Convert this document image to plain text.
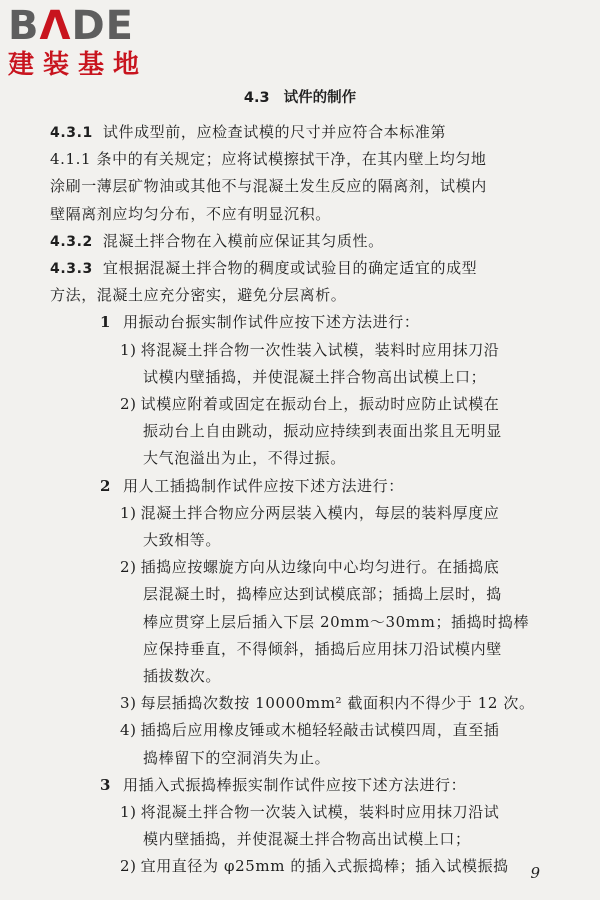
BΛDE
建装基地
4.3 试件的制作
4.3.1 试件成型前，应检查试模的尺寸并应符合本标准第
4.1.1 条中的有关规定；应将试模擦拭干净，在其内壁上均匀地
涂刷一薄层矿物油或其他不与混凝土发生反应的隔离剂，试模内
壁隔离剂应均匀分布，不应有明显沉积。
4.3.2 混凝土拌合物在入模前应保证其匀质性。
4.3.3 宜根据混凝土拌合物的稠度或试验目的确定适宜的成型
方法，混凝土应充分密实，避免分层离析。
1 用振动台振实制作试件应按下述方法进行：
1) 将混凝土拌合物一次性装入试模，装料时应用抹刀沿
试模内壁插捣，并使混凝土拌合物高出试模上口；
2) 试模应附着或固定在振动台上，振动时应防止试模在
振动台上自由跳动，振动应持续到表面出浆且无明显
大气泡溢出为止，不得过振。
2 用人工插捣制作试件应按下述方法进行：
1) 混凝土拌合物应分两层装入模内，每层的装料厚度应
大致相等。
2) 插捣应按螺旋方向从边缘向中心均匀进行。在插捣底
层混凝土时，捣棒应达到试模底部；插捣上层时，捣
棒应贯穿上层后插入下层 20mm～30mm；插捣时捣棒
应保持垂直，不得倾斜，插捣后应用抹刀沿试模内壁
插拔数次。
3) 每层插捣次数按 10000mm² 截面积内不得少于 12 次。
4) 插捣后应用橡皮锤或木槌轻轻敲击试模四周，直至插
捣棒留下的空洞消失为止。
3 用插入式振捣棒振实制作试件应按下述方法进行：
1) 将混凝土拌合物一次装入试模，装料时应用抹刀沿试
模内壁插捣，并使混凝土拌合物高出试模上口；
2) 宜用直径为 φ25mm 的插入式振捣棒；插入试模振捣 9
